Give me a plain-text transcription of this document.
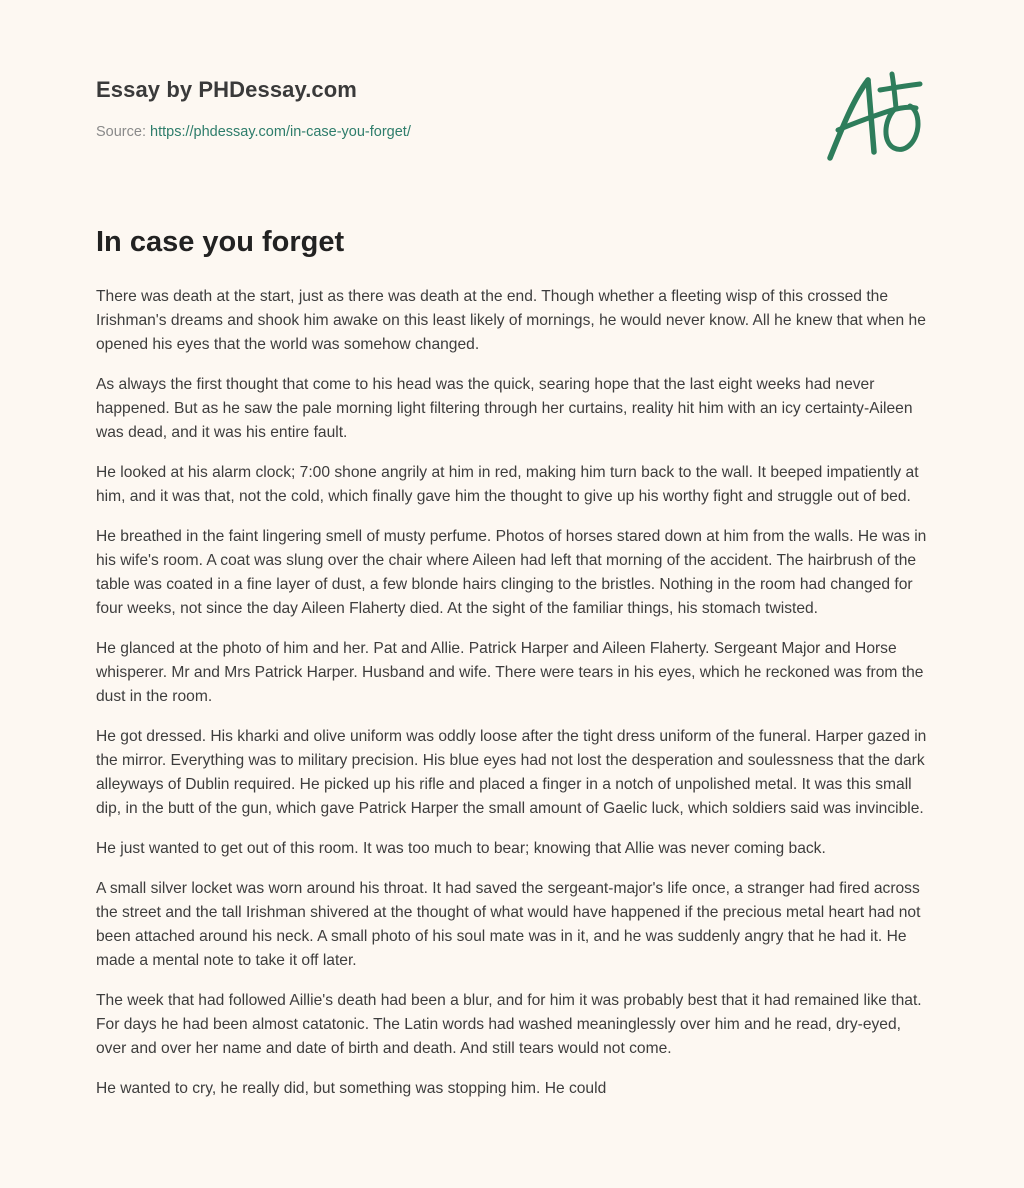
Essay by PHDessay.com
Source: https://phdessay.com/in-case-you-forget/
In case you forget

There was death at the start, just as there was death at the end. Though whether a fleeting wisp of this crossed the Irishman's dreams and shook him awake on this least likely of mornings, he would never know. All he knew that when he opened his eyes that the world was somehow changed.

As always the first thought that come to his head was the quick, searing hope that the last eight weeks had never happened. But as he saw the pale morning light filtering through her curtains, reality hit him with an icy certainty-Aileen was dead, and it was his entire fault.

He looked at his alarm clock; 7:00 shone angrily at him in red, making him turn back to the wall. It beeped impatiently at him, and it was that, not the cold, which finally gave him the thought to give up his worthy fight and struggle out of bed.

He breathed in the faint lingering smell of musty perfume. Photos of horses stared down at him from the walls. He was in his wife's room. A coat was slung over the chair where Aileen had left that morning of the accident. The hairbrush of the table was coated in a fine layer of dust, a few blonde hairs clinging to the bristles. Nothing in the room had changed for four weeks, not since the day Aileen Flaherty died. At the sight of the familiar things, his stomach twisted.

He glanced at the photo of him and her. Pat and Allie. Patrick Harper and Aileen Flaherty. Sergeant Major and Horse whisperer. Mr and Mrs Patrick Harper. Husband and wife. There were tears in his eyes, which he reckoned was from the dust in the room.

He got dressed. His kharki and olive uniform was oddly loose after the tight dress uniform of the funeral. Harper gazed in the mirror. Everything was to military precision. His blue eyes had not lost the desperation and soulessness that the dark alleyways of Dublin required. He picked up his rifle and placed a finger in a notch of unpolished metal. It was this small dip, in the butt of the gun, which gave Patrick Harper the small amount of Gaelic luck, which soldiers said was invincible.

He just wanted to get out of this room. It was too much to bear; knowing that Allie was never coming back.

A small silver locket was worn around his throat. It had saved the sergeant-major's life once, a stranger had fired across the street and the tall Irishman shivered at the thought of what would have happened if the precious metal heart had not been attached around his neck. A small photo of his soul mate was in it, and he was suddenly angry that he had it. He made a mental note to take it off later.

The week that had followed Aillie's death had been a blur, and for him it was probably best that it had remained like that. For days he had been almost catatonic. The Latin words had washed meaninglessly over him and he read, dry-eyed, over and over her name and date of birth and death. And still tears would not come.

He wanted to cry, he really did, but something was stopping him. He could
